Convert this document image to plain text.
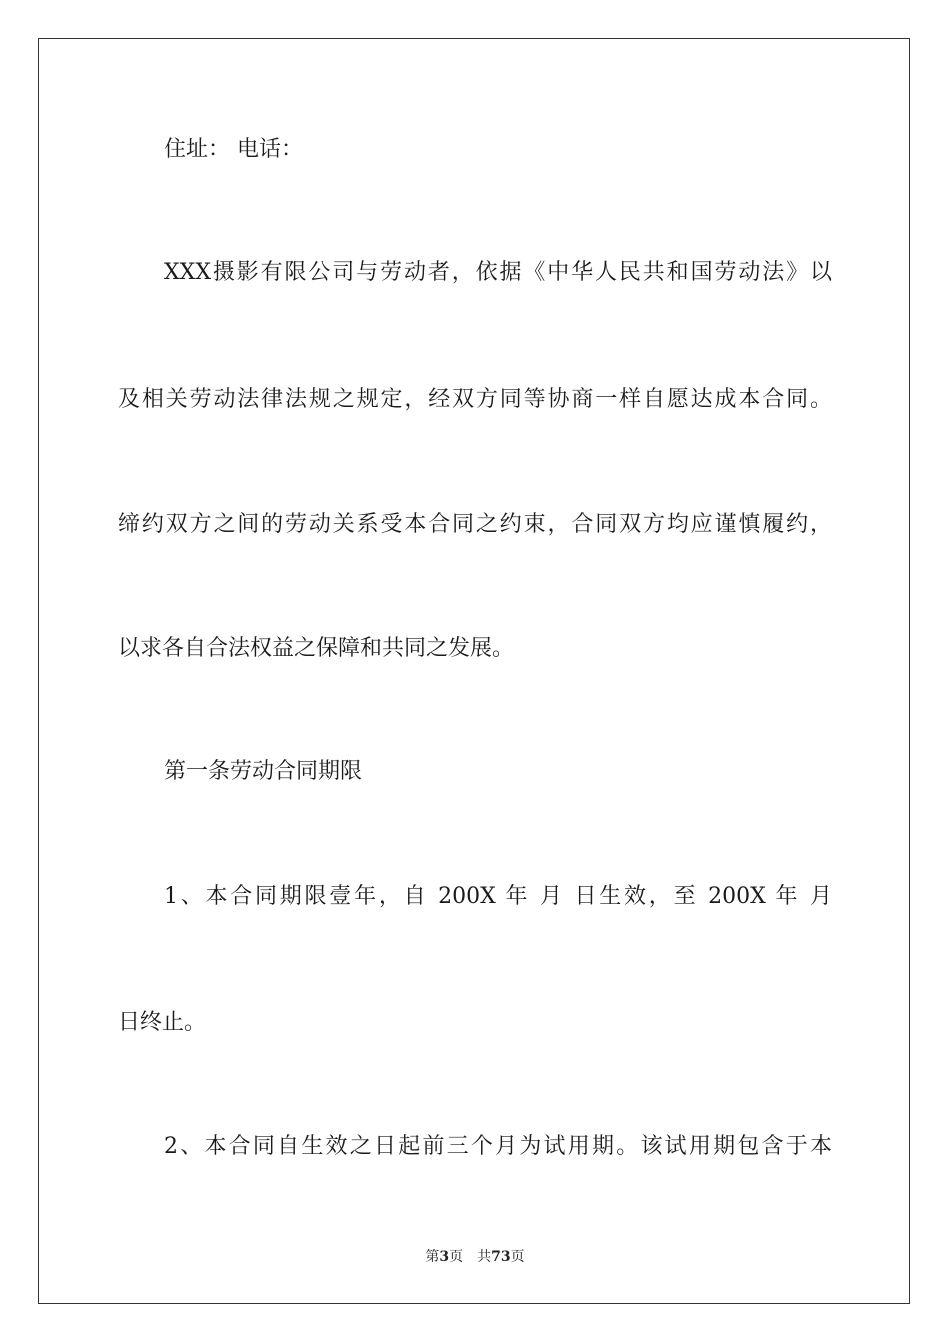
住址： 电话：
XXX摄影有限公司与劳动者，依据《中华人民共和国劳动法》以
及相关劳动法律法规之规定，经双方同等协商一样自愿达成本合同。
缔约双方之间的劳动关系受本合同之约束，合同双方均应谨慎履约，
以求各自合法权益之保障和共同之发展。
第一条劳动合同期限
1、本合同期限壹年，自 200X 年 月 日生效，至 200X 年 月
日终止。
2、本合同自生效之日起前三个月为试用期。该试用期包含于本
第3页 共73页
